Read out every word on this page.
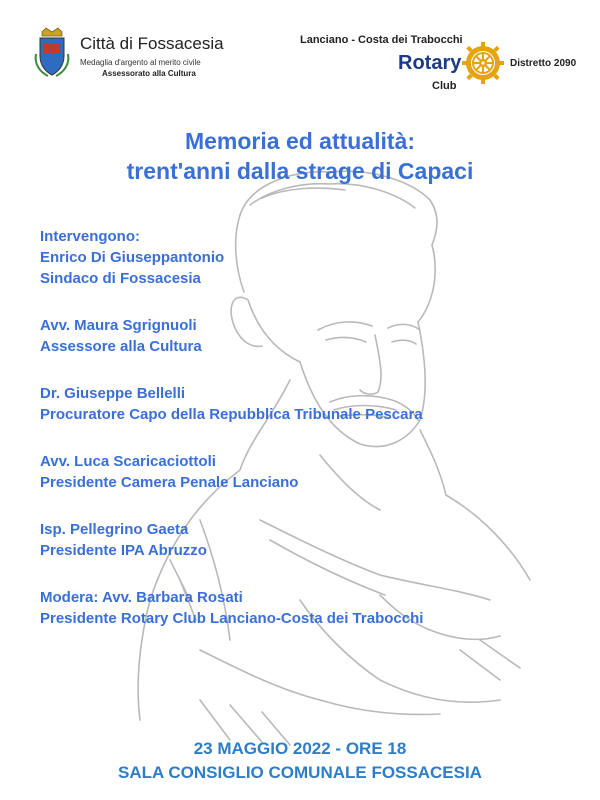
Città di Fossacesia
Medaglia d'argento al merito civile
Assessorato alla Cultura
Lanciano - Costa dei Trabocchi
Rotary
Club
Distretto 2090
Memoria ed attualità:
trent'anni dalla strage di Capaci
Intervengono:
Enrico Di Giuseppantonio
Sindaco di Fossacesia
Avv. Maura Sgrignuoli
Assessore alla Cultura
Dr. Giuseppe Bellelli
Procuratore Capo della Repubblica Tribunale Pescara
Avv. Luca Scaricaciottoli
Presidente Camera Penale Lanciano
Isp. Pellegrino Gaeta
Presidente IPA Abruzzo
Modera: Avv. Barbara Rosati
Presidente Rotary Club Lanciano-Costa dei Trabocchi
23 MAGGIO 2022 - ORE 18
SALA CONSIGLIO COMUNALE FOSSACESIA
